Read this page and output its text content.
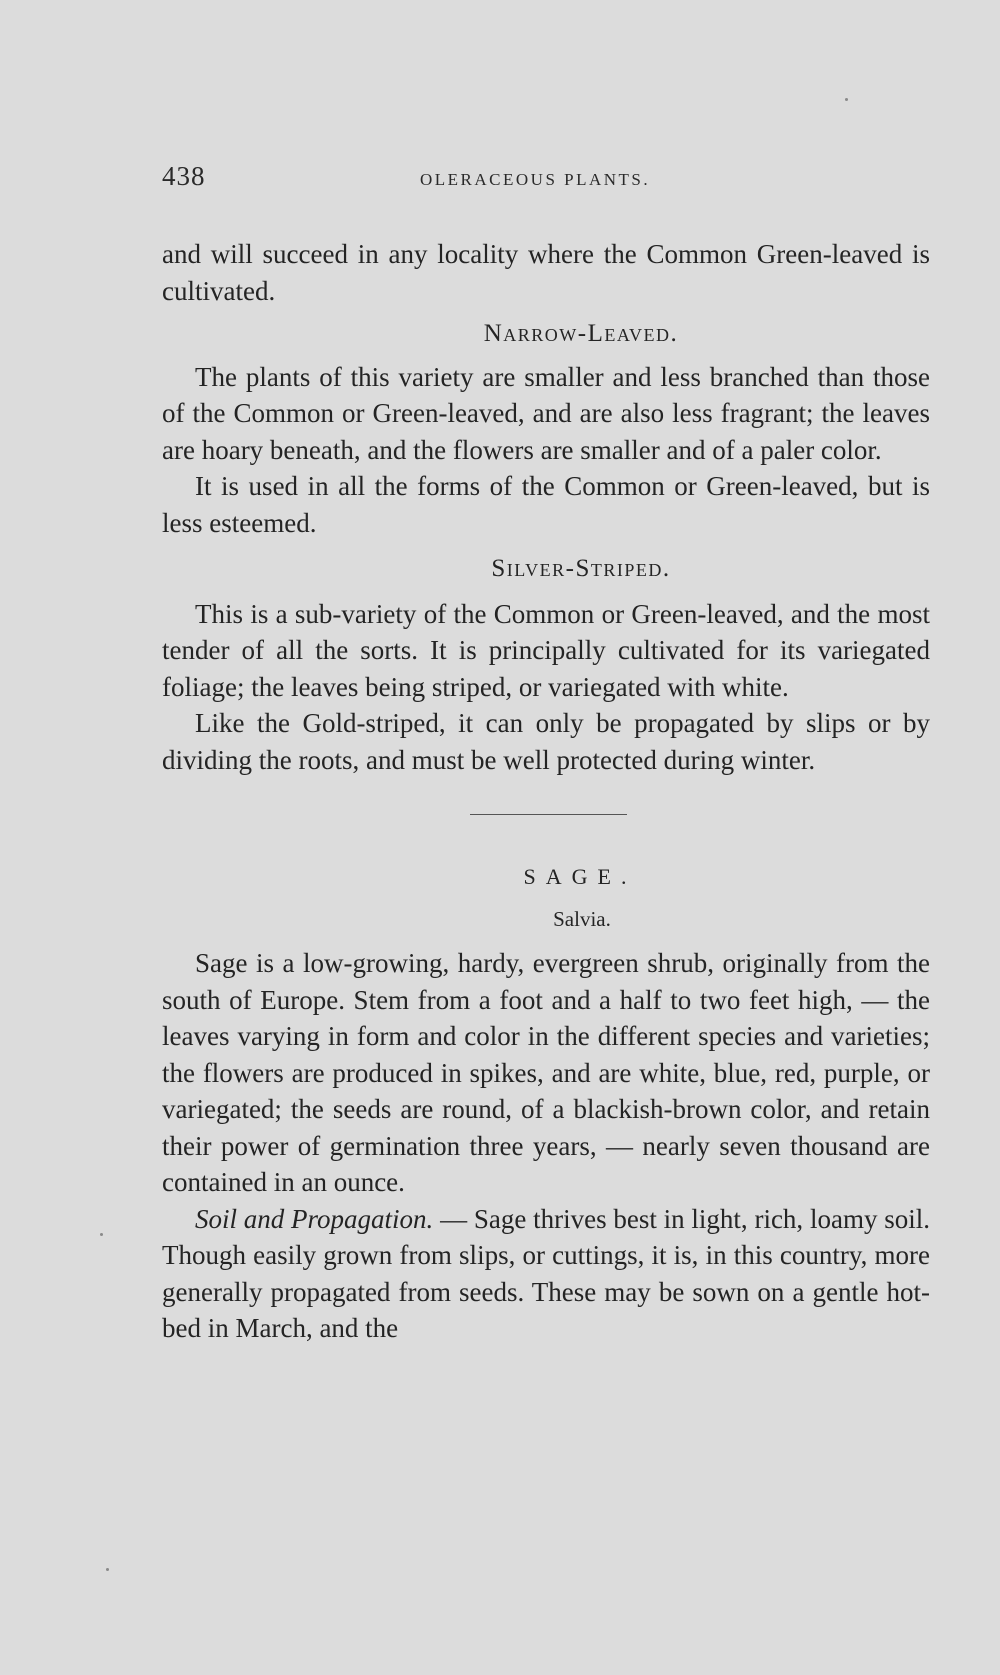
438	OLERACEOUS PLANTS.

and will succeed in any locality where the Common Green-leaved is cultivated.

Narrow-Leaved.

The plants of this variety are smaller and less branched than those of the Common or Green-leaved, and are also less fragrant; the leaves are hoary beneath, and the flowers are smaller and of a paler color.

It is used in all the forms of the Common or Green-leaved, but is less esteemed.

Silver-Striped.

This is a sub-variety of the Common or Green-leaved, and the most tender of all the sorts. It is principally cultivated for its variegated foliage; the leaves being striped, or variegated with white.

Like the Gold-striped, it can only be propagated by slips or by dividing the roots, and must be well protected during winter.

SAGE.

Salvia.

Sage is a low-growing, hardy, evergreen shrub, originally from the south of Europe. Stem from a foot and a half to two feet high, — the leaves varying in form and color in the different species and varieties; the flowers are produced in spikes, and are white, blue, red, purple, or variegated; the seeds are round, of a blackish-brown color, and retain their power of germination three years, — nearly seven thousand are contained in an ounce.

Soil and Propagation. — Sage thrives best in light, rich, loamy soil. Though easily grown from slips, or cuttings, it is, in this country, more generally propagated from seeds. These may be sown on a gentle hot-bed in March, and the
